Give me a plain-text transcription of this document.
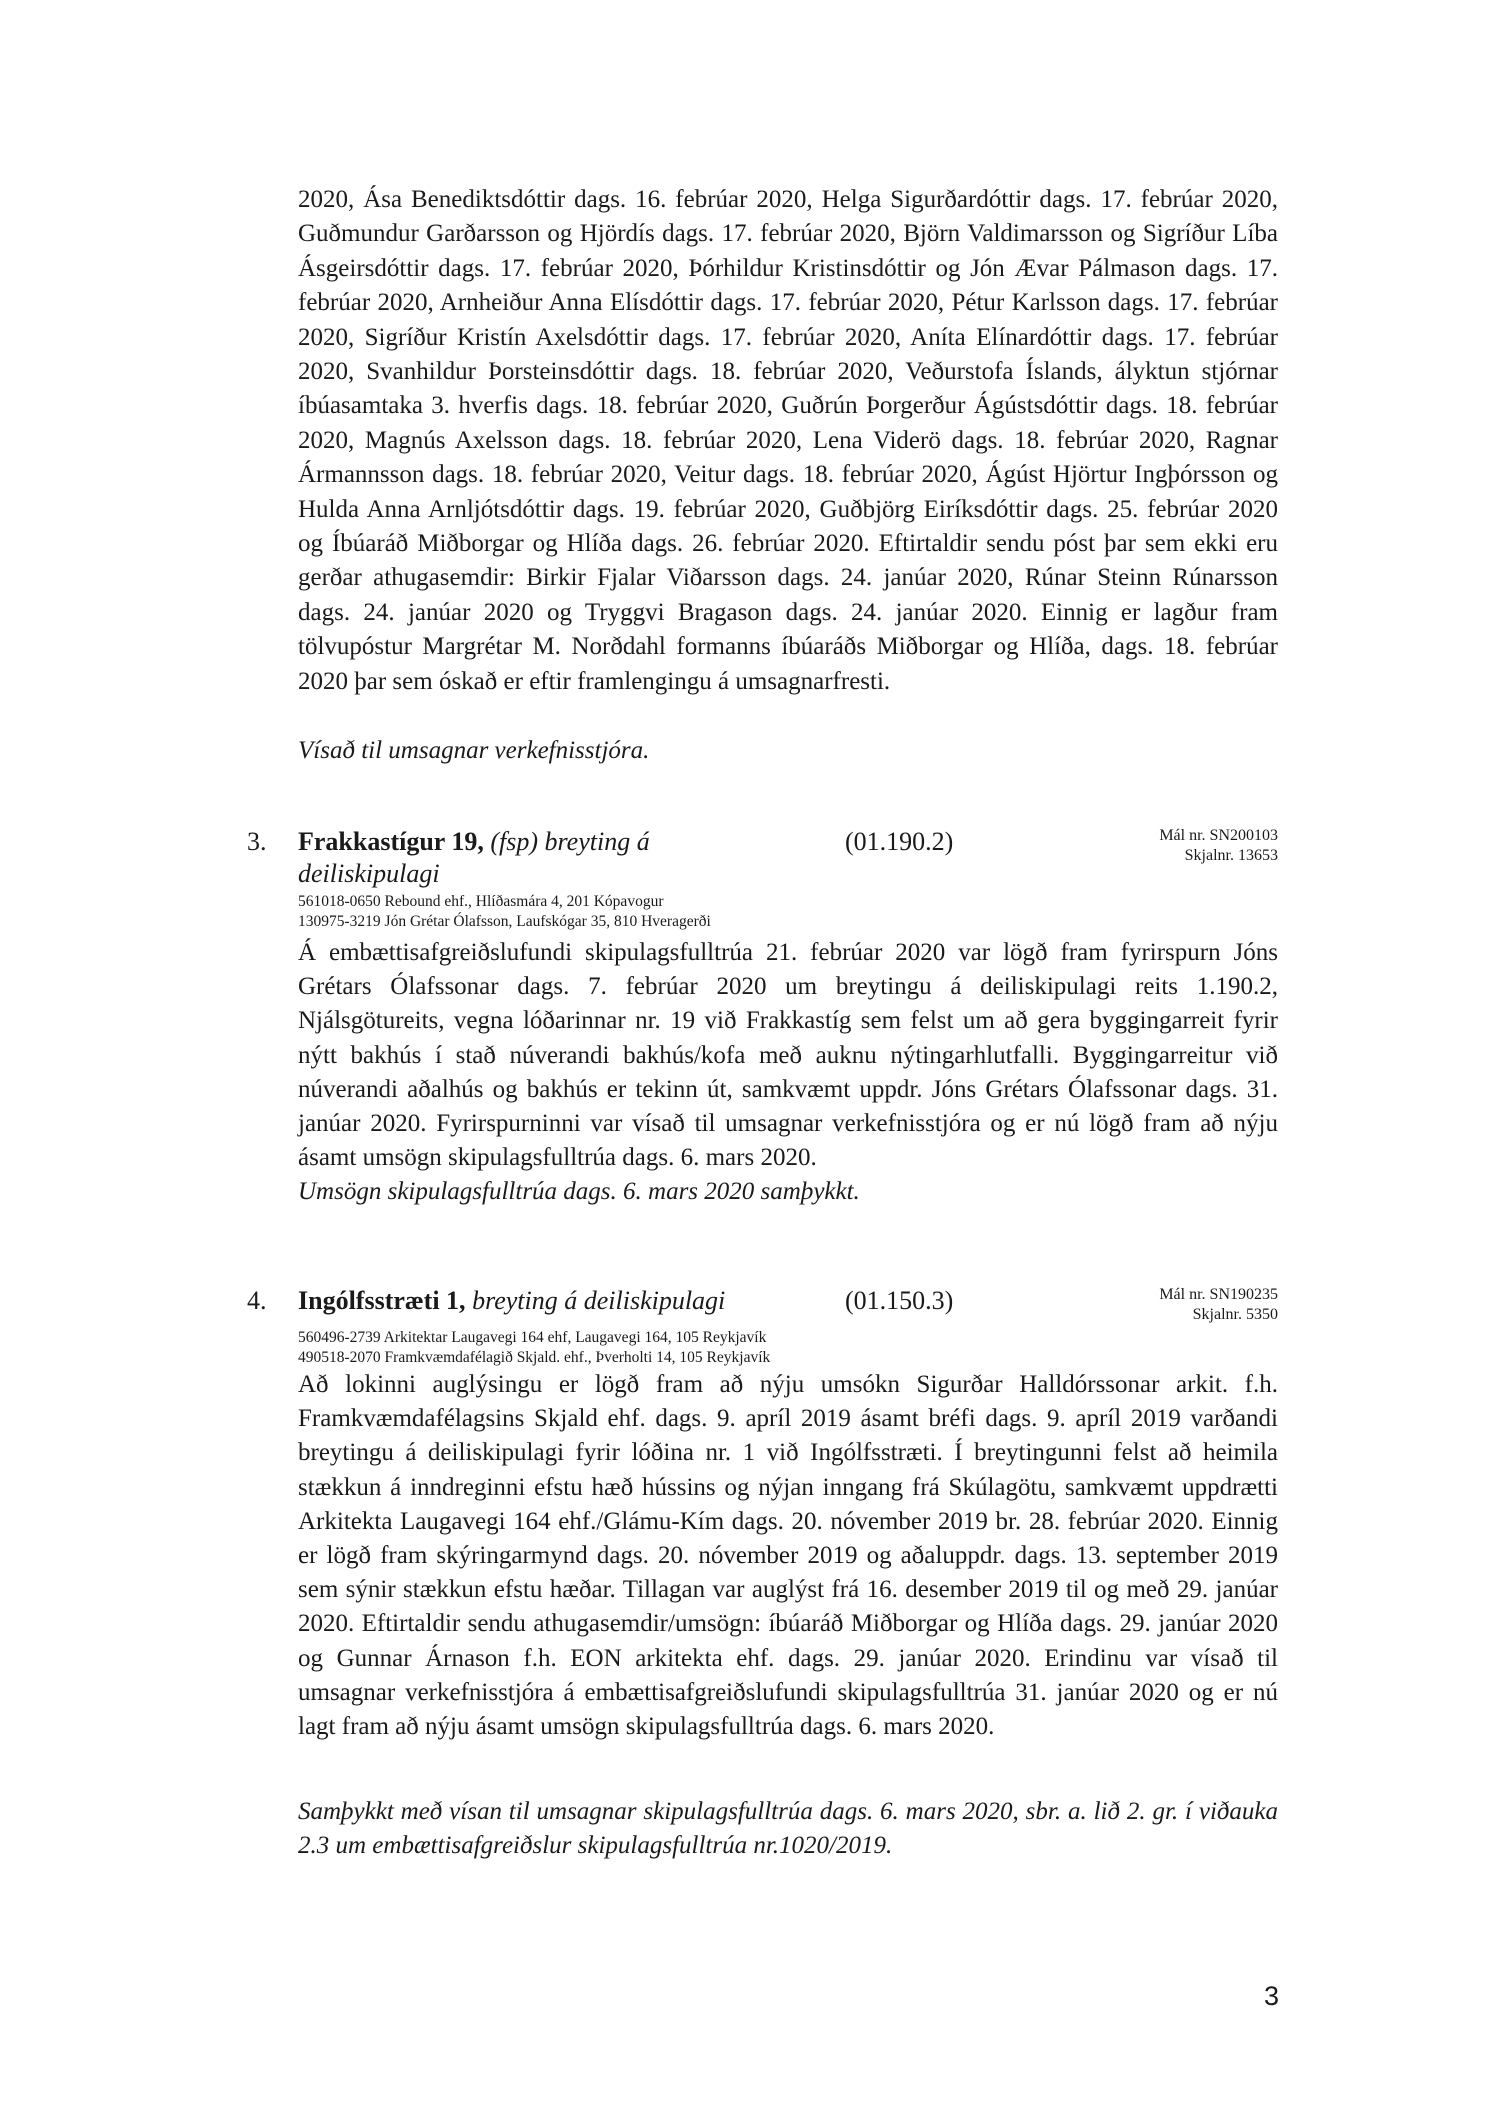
2020, Ása Benediktsdóttir dags. 16. febrúar 2020, Helga Sigurðardóttir dags. 17. febrúar 2020, Guðmundur Garðarsson og Hjördís dags. 17. febrúar 2020, Björn Valdimarsson og Sigríður Líba Ásgeirsdóttir dags. 17. febrúar 2020, Þórhildur Kristinsdóttir og Jón Ævar Pálmason dags. 17. febrúar 2020, Arnheiður Anna Elísdóttir dags. 17. febrúar 2020, Pétur Karlsson dags. 17. febrúar 2020, Sigríður Kristín Axelsdóttir dags. 17. febrúar 2020, Aníta Elínardóttir dags. 17. febrúar 2020, Svanhildur Þorsteinsdóttir dags. 18. febrúar 2020, Veðurstofa Íslands, ályktun stjórnar íbúasamtaka 3. hverfis dags. 18. febrúar 2020, Guðrún Þorgerður Ágústsdóttir dags. 18. febrúar 2020, Magnús Axelsson dags. 18. febrúar 2020, Lena Viderö dags. 18. febrúar 2020, Ragnar Ármannsson dags. 18. febrúar 2020, Veitur dags. 18. febrúar 2020, Ágúst Hjörtur Ingþórsson og Hulda Anna Arnljótsdóttir dags. 19. febrúar 2020, Guðbjörg Eiríksdóttir dags. 25. febrúar 2020 og Íbúaráð Miðborgar og Hlíða dags. 26. febrúar 2020. Eftirtaldir sendu póst þar sem ekki eru gerðar athugasemdir: Birkir Fjalar Viðarsson dags. 24. janúar 2020, Rúnar Steinn Rúnarsson dags. 24. janúar 2020 og Tryggvi Bragason dags. 24. janúar 2020. Einnig er lagður fram tölvupóstur Margrétar M. Norðdahl formanns íbúaráðs Miðborgar og Hlíða, dags. 18. febrúar 2020 þar sem óskað er eftir framlengingu á umsagnarfresti.

Vísað til umsagnar verkefnisstjóra.

3. Frakkastígur 19, (fsp) breyting á deiliskipulagi

(01.190.2)	Mál nr. SN200103
Skjalnr. 13653
561018-0650 Rebound ehf., Hlíðasmára 4, 201 Kópavogur
130975-3219 Jón Grétar Ólafsson, Laufskógar 35, 810 Hveragerði

Á embættisafgreiðslufundi skipulagsfulltrúa 21. febrúar 2020 var lögð fram fyrirspurn Jóns Grétars Ólafssonar dags. 7. febrúar 2020 um breytingu á deiliskipulagi reits 1.190.2, Njálsgötureits, vegna lóðarinnar nr. 19 við Frakkastíg sem felst um að gera byggingarreit fyrir nýtt bakhús í stað núverandi bakhús/kofa með auknu nýtingarhlutfalli. Byggingarreitur við núverandi aðalhús og bakhús er tekinn út, samkvæmt uppdr. Jóns Grétars Ólafssonar dags. 31. janúar 2020. Fyrirspurninni var vísað til umsagnar verkefnisstjóra og er nú lögð fram að nýju ásamt umsögn skipulagsfulltrúa dags. 6. mars 2020.

Umsögn skipulagsfulltrúa dags. 6. mars 2020 samþykkt.

4. Ingólfsstræti 1, breyting á deiliskipulagi	(01.150.3)	Mál nr. SN190235
Skjalnr. 5350
560496-2739 Arkitektar Laugavegi 164 ehf, Laugavegi 164, 105 Reykjavík
490518-2070 Framkvæmdafélagið Skjald. ehf., Þverholti 14, 105 Reykjavík

Að lokinni auglýsingu er lögð fram að nýju umsókn Sigurðar Halldórssonar arkit. f.h. Framkvæmdafélagsins Skjald ehf. dags. 9. apríl 2019 ásamt bréfi dags. 9. apríl 2019 varðandi breytingu á deiliskipulagi fyrir lóðina nr. 1 við Ingólfsstræti. Í breytingunni felst að heimila stækkun á inndreginni efstu hæð hússins og nýjan inngang frá Skúlagötu, samkvæmt uppdrætti Arkitekta Laugavegi 164 ehf./Glámu-Kím dags. 20. nóvember 2019 br. 28. febrúar 2020. Einnig er lögð fram skýringarmynd dags. 20. nóvember 2019 og aðaluppdr. dags. 13. september 2019 sem sýnir stækkun efstu hæðar. Tillagan var auglýst frá 16. desember 2019 til og með 29. janúar 2020. Eftirtaldir sendu athugasemdir/umsögn: íbúaráð Miðborgar og Hlíða dags. 29. janúar 2020 og Gunnar Árnason f.h. EON arkitekta ehf. dags. 29. janúar 2020. Erindinu var vísað til umsagnar verkefnisstjóra á embættisafgreiðslufundi skipulagsfulltrúa 31. janúar 2020 og er nú lagt fram að nýju ásamt umsögn skipulagsfulltrúa dags. 6. mars 2020.

Samþykkt með vísan til umsagnar skipulagsfulltrúa dags. 6. mars 2020, sbr. a. lið 2. gr. í viðauka 2.3 um embættisafgreiðslur skipulagsfulltrúa nr.1020/2019.

3
